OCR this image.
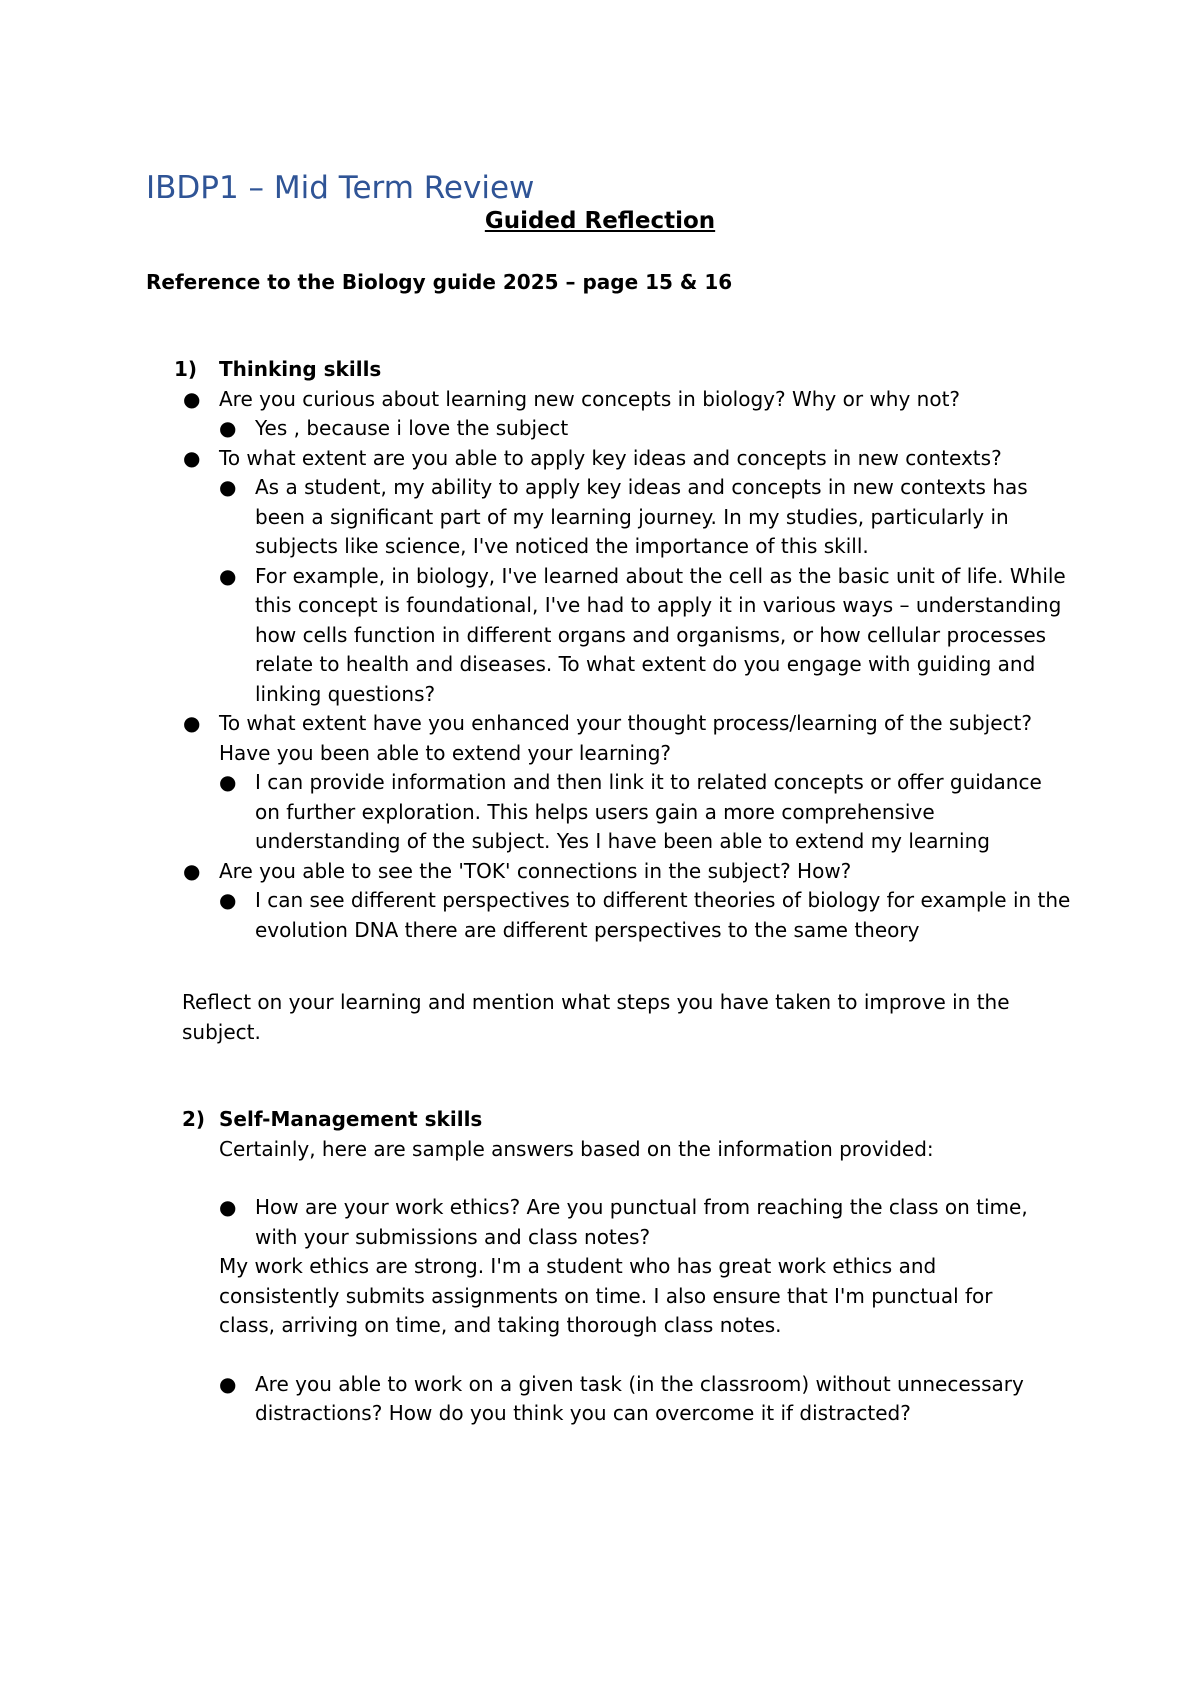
IBDP1 – Mid Term Review
Guided Reflection
Reference to the Biology guide 2025 – page 15 & 16
1) Thinking skills
● Are you curious about learning new concepts in biology? Why or why not?
● Yes , because i love the subject
● To what extent are you able to apply key ideas and concepts in new contexts?
● As a student, my ability to apply key ideas and concepts in new contexts has been a significant part of my learning journey. In my studies, particularly in subjects like science, I've noticed the importance of this skill.
● For example, in biology, I've learned about the cell as the basic unit of life. While this concept is foundational, I've had to apply it in various ways – understanding how cells function in different organs and organisms, or how cellular processes relate to health and diseases. To what extent do you engage with guiding and linking questions?
● To what extent have you enhanced your thought process/learning of the subject? Have you been able to extend your learning?
● I can provide information and then link it to related concepts or offer guidance on further exploration. This helps users gain a more comprehensive understanding of the subject. Yes I have been able to extend my learning
● Are you able to see the 'TOK' connections in the subject? How?
● I can see different perspectives to different theories of biology for example in the evolution DNA there are different perspectives to the same theory
Reflect on your learning and mention what steps you have taken to improve in the subject.
2) Self-Management skills
Certainly, here are sample answers based on the information provided:
● How are your work ethics? Are you punctual from reaching the class on time, with your submissions and class notes?
My work ethics are strong. I'm a student who has great work ethics and consistently submits assignments on time. I also ensure that I'm punctual for class, arriving on time, and taking thorough class notes.
● Are you able to work on a given task (in the classroom) without unnecessary distractions? How do you think you can overcome it if distracted?
